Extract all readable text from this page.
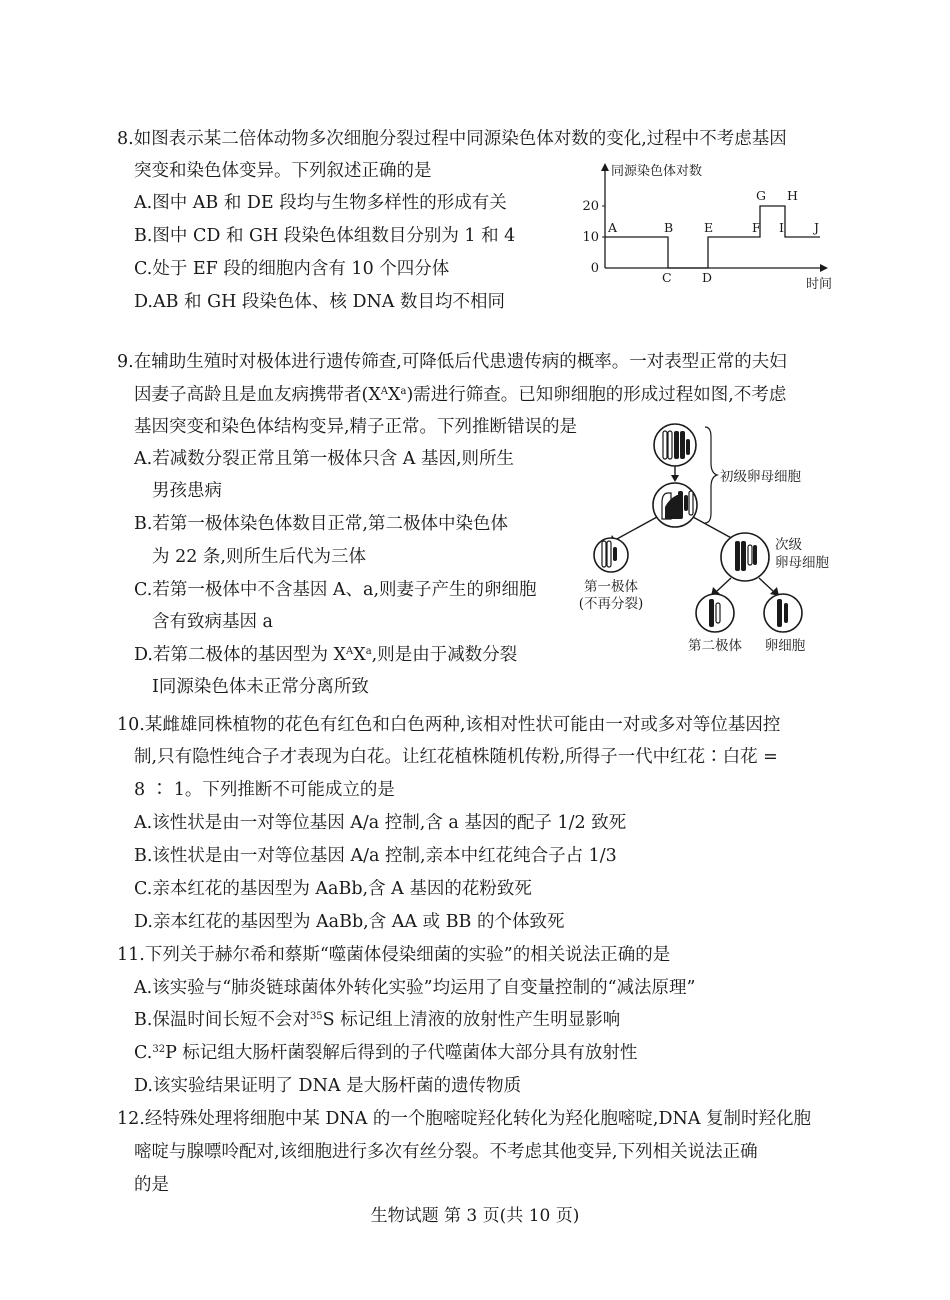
8.如图表示某二倍体动物多次细胞分裂过程中同源染色体对数的变化,过程中不考虑基因
突变和染色体变异。下列叙述正确的是
A.图中 AB 和 DE 段均与生物多样性的形成有关
B.图中 CD 和 GH 段染色体组数目分别为 1 和 4
C.处于 EF 段的细胞内含有 10 个四分体
D.AB 和 GH 段染色体、核 DNA 数目均不相同
同源染色体对数
时间
0
10
20
A	B
C D
E	F
G H
I J
9.在辅助生殖时对极体进行遗传筛查,可降低后代患遗传病的概率。一对表型正常的夫妇
因妻子高龄且是血友病携带者$(X^AX^a)$需进行筛查。已知卵细胞的形成过程如图,不考虑
基因突变和染色体结构变异,精子正常。下列推断错误的是
A.若减数分裂正常且第一极体只含 A 基因,则所生
男孩患病
B.若第一极体染色体数目正常,第二极体中染色体
为 22 条,则所生后代为三体
C.若第一极体中不含基因 A、a,则妻子产生的卵细胞
含有致病基因 a
D.若第二极体的基因型为 $X^AX^a$,则是由于减数分裂
Ⅰ同源染色体未正常分离所致
初级卵母细胞
第一极体
(不再分裂)
次级
卵母细胞
第二极体 卵细胞
10.某雌雄同株植物的花色有红色和白色两种,该相对性状可能由一对或多对等位基因控
制,只有隐性纯合子才表现为白花。让红花植株随机传粉,所得子一代中红花∶白花 =
8 ∶ 1。下列推断不可能成立的是
A.该性状是由一对等位基因 A/a 控制,含 a 基因的配子 1/2 致死
B.该性状是由一对等位基因 A/a 控制,亲本中红花纯合子占 1/3
C.亲本红花的基因型为 AaBb,含 A 基因的花粉致死
D.亲本红花的基因型为 AaBb,含 AA 或 BB 的个体致死
11.下列关于赫尔希和蔡斯“噬菌体侵染细菌的实验”的相关说法正确的是
A.该实验与“肺炎链球菌体外转化实验”均运用了自变量控制的“减法原理”
B.保温时间长短不会对$^{35}$S 标记组上清液的放射性产生明显影响
C.$^{32}$P 标记组大肠杆菌裂解后得到的子代噬菌体大部分具有放射性
D.该实验结果证明了 DNA 是大肠杆菌的遗传物质
12.经特殊处理将细胞中某 DNA 的一个胞嘧啶羟化转化为羟化胞嘧啶,DNA 复制时羟化胞
嘧啶与腺嘌呤配对,该细胞进行多次有丝分裂。不考虑其他变异,下列相关说法正确
的是
生物试题 第 3 页(共 10 页)
